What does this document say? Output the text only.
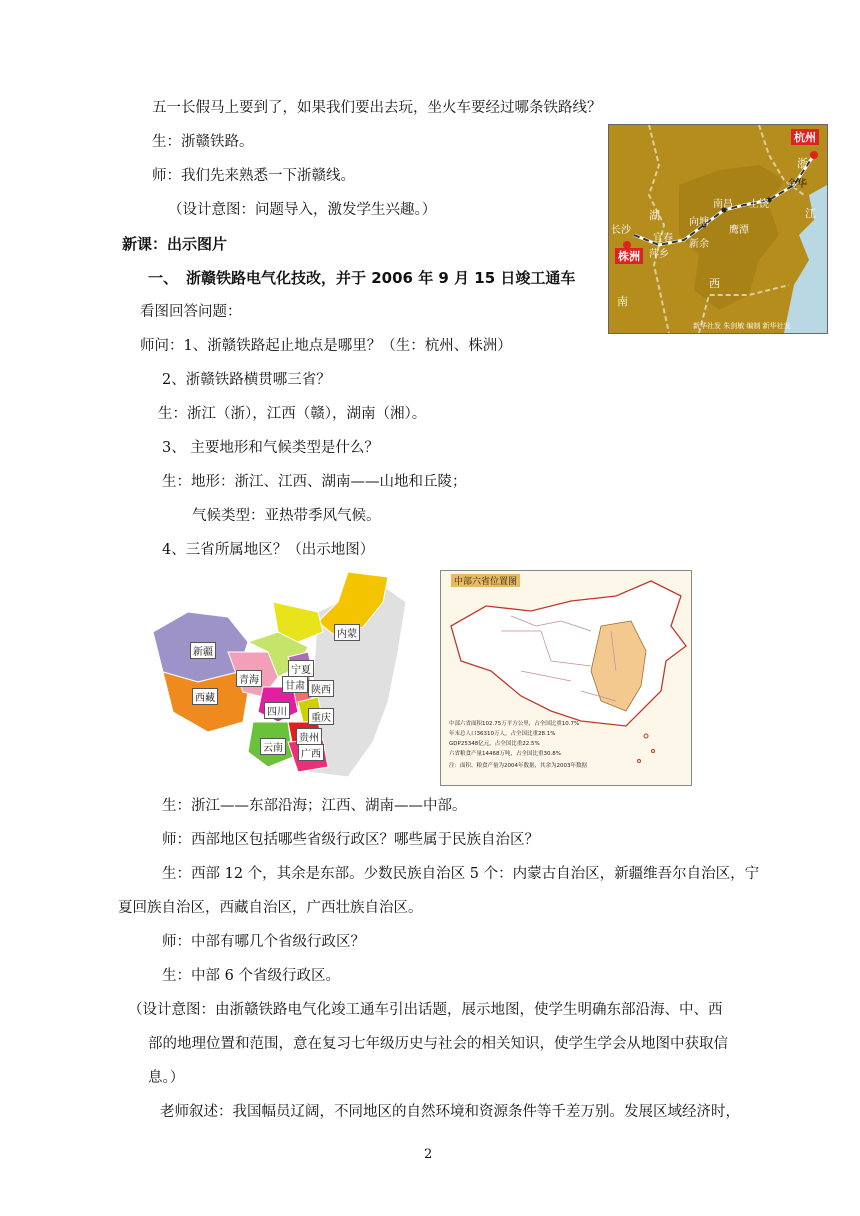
五一长假马上要到了，如果我们要出去玩，坐火车要经过哪条铁路线？
生：浙赣铁路。
师：我们先来熟悉一下浙赣线。
（设计意图：问题导入，激发学生兴趣。）
新课：出示图片
一、 浙赣铁路电气化技改，并于 2006 年 9 月 15 日竣工通车
看图回答问题：
师问：1、浙赣铁路起止地点是哪里？（生：杭州、株洲）
2、浙赣铁路横贯哪三省？
生：浙江（浙），江西（赣），湖南（湘）。
3、 主要地形和气候类型是什么？
生：地形：浙江、江西、湖南——山地和丘陵；
气候类型：亚热带季风气候。
4、三省所属地区？（出示地图）
杭州
株洲
长沙
浙
江
金华
上饶
南昌
向塘
鹰潭
宜春
新余
萍乡
湖
南
西
新华社发 朱剑敏 编制 新华社发
新疆
西藏
青海
甘肃
宁夏
陕西
四川
重庆
贵州
云南
广西
内蒙
中部六省位置图
中部六省面积102.75万平方公里，占全国比重10.7%
年末总人口36310万人，占全国比重28.1%
GDP25348亿元，占全国比重22.5%
六省粮食产量14468万吨，占全国比重30.8%
注：面积、粮食产量为2004年数据，其余为2003年数据
生：浙江——东部沿海；江西、湖南——中部。
师：西部地区包括哪些省级行政区？哪些属于民族自治区？
生：西部 12 个，其余是东部。少数民族自治区 5 个：内蒙古自治区，新疆维吾尔自治区，宁
夏回族自治区，西藏自治区，广西壮族自治区。
师：中部有哪几个省级行政区？
生：中部 6 个省级行政区。
（设计意图：由浙赣铁路电气化竣工通车引出话题，展示地图，使学生明确东部沿海、中、西
部的地理位置和范围，意在复习七年级历史与社会的相关知识，使学生学会从地图中获取信
息。）
老师叙述：我国幅员辽阔，不同地区的自然环境和资源条件等千差万别。发展区域经济时，
2
